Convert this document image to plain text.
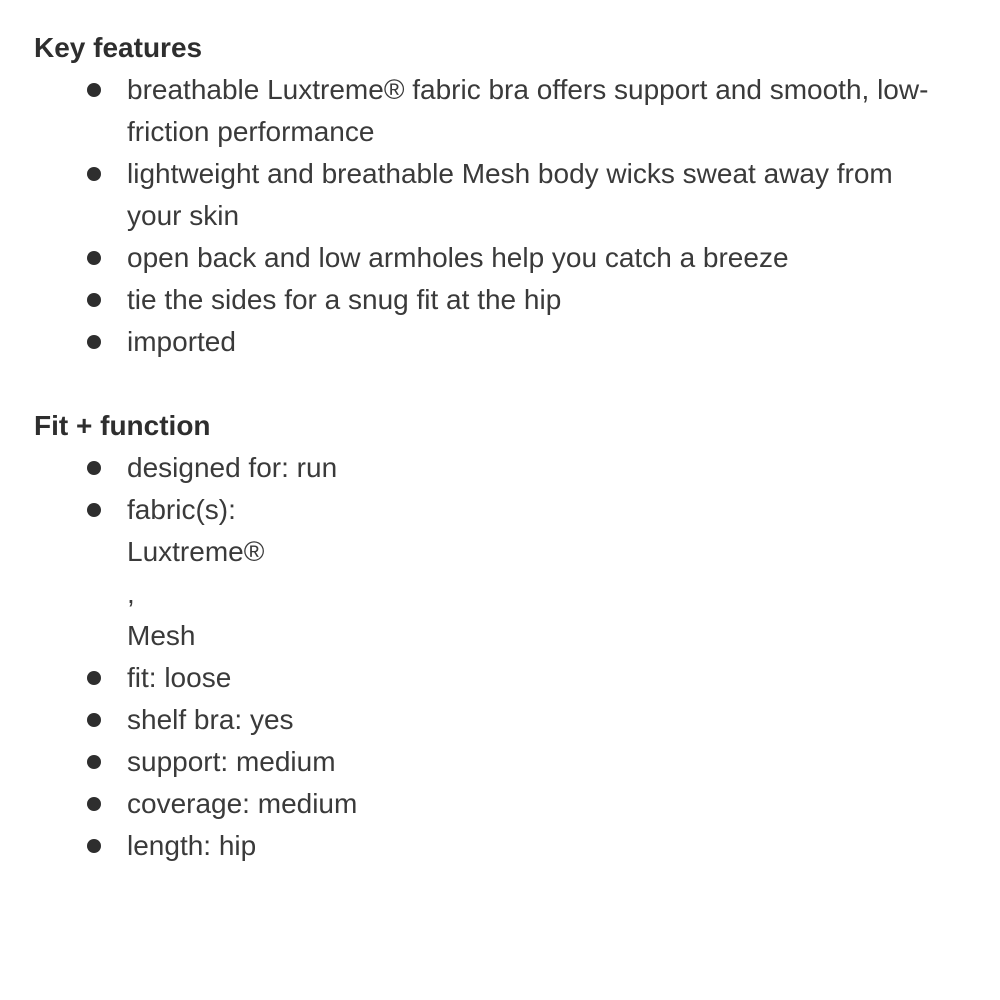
Key features
breathable Luxtreme® fabric bra offers support and smooth, low-friction performance
lightweight and breathable Mesh body wicks sweat away from your skin
open back and low armholes help you catch a breeze
tie the sides for a snug fit at the hip
imported
Fit + function
designed for: run
fabric(s):
Luxtreme®
,
Mesh
fit: loose
shelf bra: yes
support: medium
coverage: medium
length: hip
